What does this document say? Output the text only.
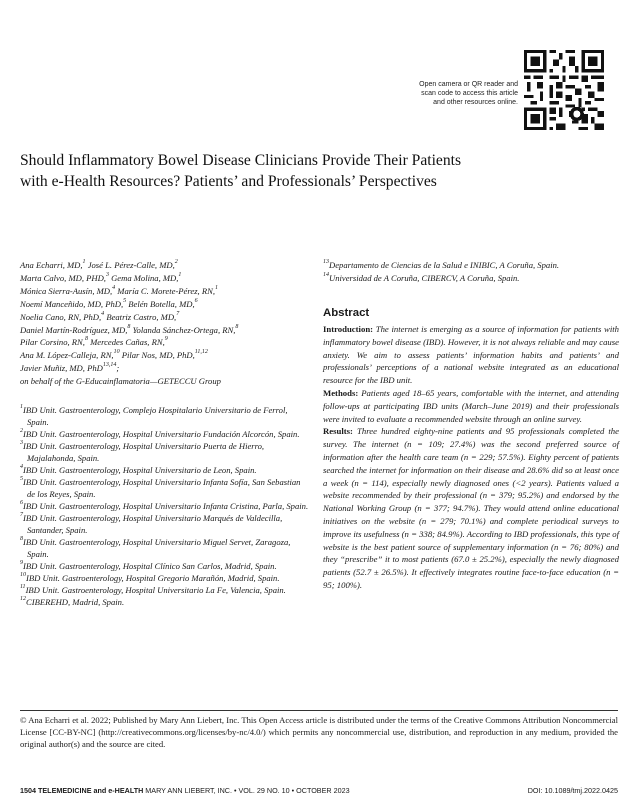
Open camera or QR reader and
scan code to access this article
and other resources online.
Should Inflammatory Bowel Disease Clinicians Provide Their Patients
with e-Health Resources? Patients’ and Professionals’ Perspectives
Ana Echarri, MD,$^1$ José L. Pérez-Calle, MD,$^2$
Marta Calvo, MD, PHD,$^3$ Gema Molina, MD,$^1$
Mónica Sierra-Ausín, MD,$^4$ María C. Morete-Pérez, RN,$^1$
Noemí Manceñido, MD, PhD,$^5$ Belén Botella, MD,$^6$
Noelia Cano, RN, PhD,$^4$ Beatriz Castro, MD,$^7$
Daniel Martín-Rodríguez, MD,$^8$ Yolanda Sánchez-Ortega, RN,$^8$
Pilar Corsino, RN,$^8$ Mercedes Cañas, RN,$^9$
Ana M. López-Calleja, RN,$^{10}$ Pilar Nos, MD, PhD,$^{11,12}$
Javier Muñiz, MD, PhD$^{13,14}$;
on behalf of the G-Educainflamatoria—GETECCU Group
$^1$IBD Unit. Gastroenterology, Complejo Hospitalario Universitario de Ferrol, Spain.
$^2$IBD Unit. Gastroenterology, Hospital Universitario Fundación Alcorcón, Spain.
$^3$IBD Unit. Gastroenterology, Hospital Universitario Puerta de Hierro, Majalahonda, Spain.
$^4$IBD Unit. Gastroenterology, Hospital Universitario de Leon, Spain.
$^5$IBD Unit. Gastroenterology, Hospital Universitario Infanta Sofía, San Sebastian de los Reyes, Spain.
$^6$IBD Unit. Gastroenterology, Hospital Universitario Infanta Cristina, Parla, Spain.
$^7$IBD Unit. Gastroenterology, Hospital Universitario Marqués de Valdecilla, Santander, Spain.
$^8$IBD Unit. Gastroenterology, Hospital Universitario Miguel Servet, Zaragoza, Spain.
$^9$IBD Unit. Gastroenterology, Hospital Clínico San Carlos, Madrid, Spain.
$^{10}$IBD Unit. Gastroenterology, Hospital Gregorio Marañón, Madrid, Spain.
$^{11}$IBD Unit. Gastroenterology, Hospital Universitario La Fe, Valencia, Spain.
$^{12}$CIBEREHD, Madrid, Spain.
$^{13}$Departamento de Ciencias de la Salud e INIBIC, A Coruña, Spain.
$^{14}$Universidad de A Coruña, CIBERCV, A Coruña, Spain.
Abstract

Introduction: The internet is emerging as a source of information for patients with inflammatory bowel disease (IBD). However, it is not always reliable and may cause anxiety. We aim to assess patients’ information habits and patients’ and professionals’ perceptions of a national website integrated as an educational resource for the IBD unit.

Methods: Patients aged 18–65 years, comfortable with the internet, and attending follow-ups at participating IBD units (March–June 2019) and their professionals were invited to evaluate a recommended website through an online survey.

Results: Three hundred eighty-nine patients and 95 professionals completed the survey. The internet (n = 109; 27.4%) was the second preferred source of information after the health care team (n = 229; 57.5%). Eighty percent of patients searched the internet for information on their disease and 28.6% did so at least once a week (n = 114), especially newly diagnosed ones (<2 years). Patients valued a website recommended by their professional (n = 379; 95.2%) and endorsed by the National Working Group (n = 377; 94.7%). They would attend online educational initiatives on the website (n = 279; 70.1%) and complete periodical surveys to improve its usefulness (n = 338; 84.9%). According to IBD professionals, this type of website is the best patient source of supplementary information (n = 76; 80%) and they “prescribe” it to most patients (67.0 ± 25.2%), especially the newly diagnosed patients (52.7 ± 26.5%). It effectively integrates routine face-to-face education (n = 95; 100%).

© Ana Echarri et al. 2022; Published by Mary Ann Liebert, Inc. This Open Access article is distributed under the terms of the Creative Commons Attribution Noncommercial License [CC-BY-NC] (http://creativecommons.org/licenses/by-nc/4.0/) which permits any noncommercial use, distribution, and reproduction in any medium, provided the original author(s) and the source are cited.
1504 TELEMEDICINE and e-HEALTH MARY ANN LIEBERT, INC. • VOL. 29 NO. 10 • OCTOBER 2023	DOI: 10.1089/tmj.2022.0425
